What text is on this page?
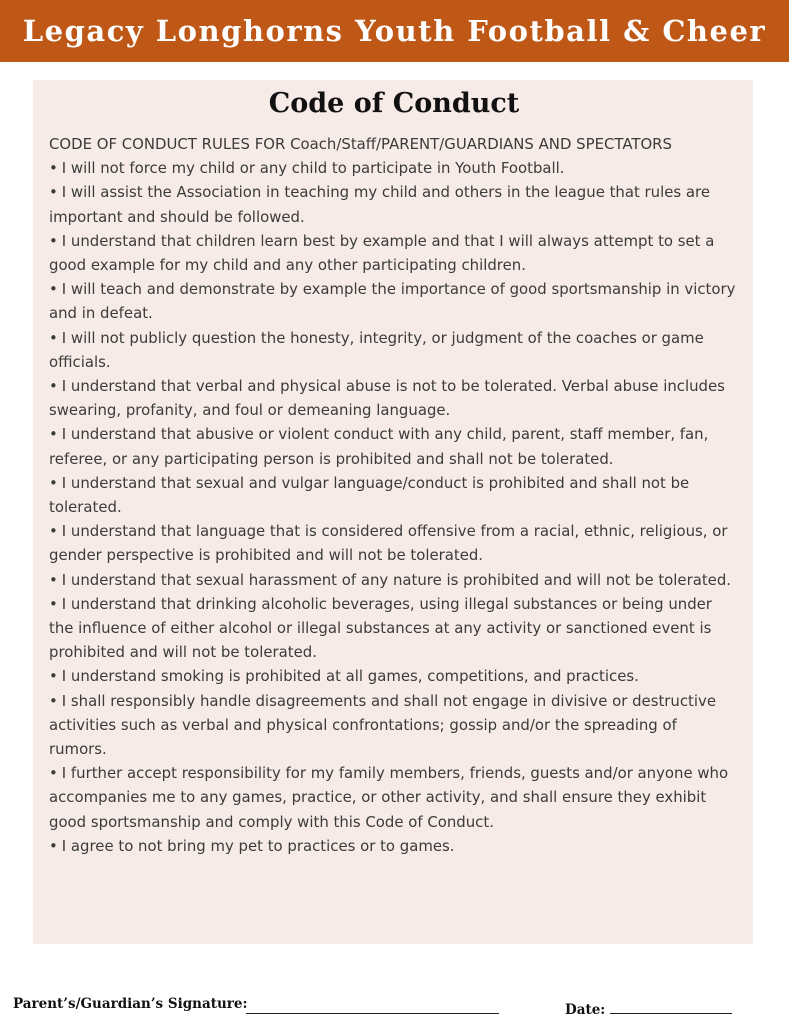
Legacy Longhorns Youth Football & Cheer
Code of Conduct

CODE OF CONDUCT RULES FOR Coach/Staff/PARENT/GUARDIANS AND SPECTATORS

• I will not force my child or any child to participate in Youth Football.

• I will assist the Association in teaching my child and others in the league that rules are important and should be followed.

• I understand that children learn best by example and that I will always attempt to set a good example for my child and any other participating children.

• I will teach and demonstrate by example the importance of good sportsmanship in victory and in defeat.

• I will not publicly question the honesty, integrity, or judgment of the coaches or game officials.

• I understand that verbal and physical abuse is not to be tolerated. Verbal abuse includes swearing, profanity, and foul or demeaning language.

• I understand that abusive or violent conduct with any child, parent, staff member, fan, referee, or any participating person is prohibited and shall not be tolerated.

• I understand that sexual and vulgar language/conduct is prohibited and shall not be tolerated.

• I understand that language that is considered offensive from a racial, ethnic, religious, or gender perspective is prohibited and will not be tolerated.

• I understand that sexual harassment of any nature is prohibited and will not be tolerated.

• I understand that drinking alcoholic beverages, using illegal substances or being under the influence of either alcohol or illegal substances at any activity or sanctioned event is prohibited and will not be tolerated.

• I understand smoking is prohibited at all games, competitions, and practices.

• I shall responsibly handle disagreements and shall not engage in divisive or destructive activities such as verbal and physical confrontations; gossip and/or the spreading of rumors.

• I further accept responsibility for my family members, friends, guests and/or anyone who accompanies me to any games, practice, or other activity, and shall ensure they exhibit good sportsmanship and comply with this Code of Conduct.

• I agree to not bring my pet to practices or to games.

Parent’s/Guardian’s Signature:	Date:
